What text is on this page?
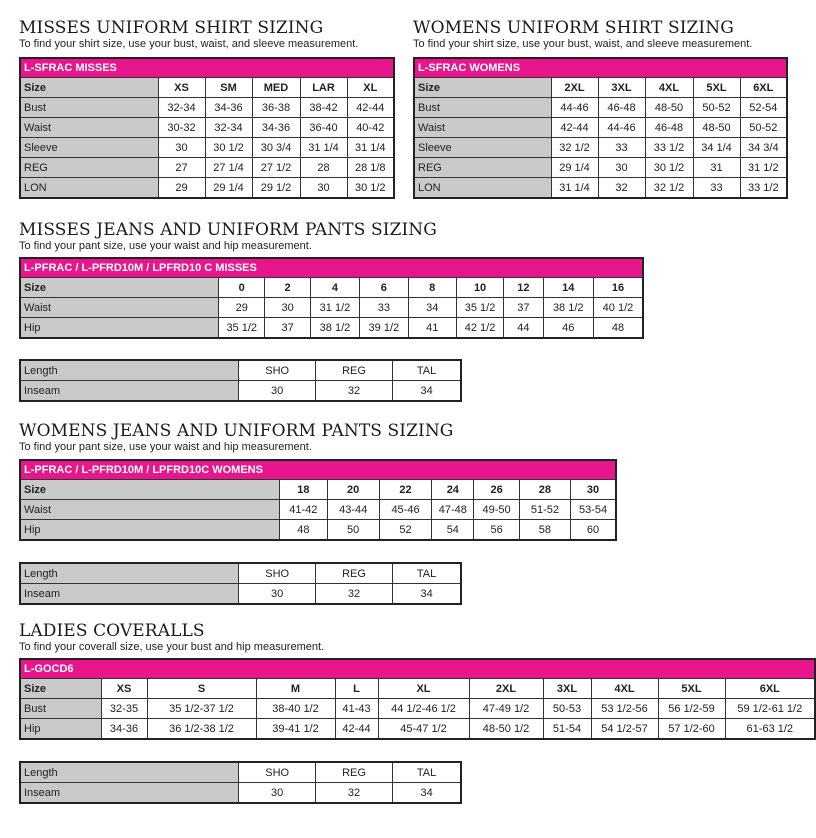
MISSES UNIFORM SHIRT SIZING
To find your shirt size, use your bust, waist, and sleeve measurement.
L-SFRAC MISSES					
Size	XS	SM	MED	LAR	XL
Bust	32-34	34-36	36-38	38-42	42-44
Waist	30-32	32-34	34-36	36-40	40-42
Sleeve	30	30 1/2	30 3/4	31 1/4	31 1/4
REG	27	27 1/4	27 1/2	28	28 1/8
LON	29	29 1/4	29 1/2	30	30 1/2
WOMENS UNIFORM SHIRT SIZING
To find your shirt size, use your bust, waist, and sleeve measurement.
L-SFRAC WOMENS					
Size	2XL	3XL	4XL	5XL	6XL
Bust	44-46	46-48	48-50	50-52	52-54
Waist	42-44	44-46	46-48	48-50	50-52
Sleeve	32 1/2	33	33 1/2	34 1/4	34 3/4
REG	29 1/4	30	30 1/2	31	31 1/2
LON	31 1/4	32	32 1/2	33	33 1/2
MISSES JEANS AND UNIFORM PANTS SIZING
To find your pant size, use your waist and hip measurement.
L-PFRAC / L-PFRD10M / LPFRD10 C MISSES									
Size	0	2	4	6	8	10	12	14	16
Waist	29	30	31 1/2	33	34	35 1/2	37	38 1/2	40 1/2
Hip	35 1/2	37	38 1/2	39 1/2	41	42 1/2	44	46	48
Length	SHO	REG	TAL
Inseam	30	32	34
WOMENS JEANS AND UNIFORM PANTS SIZING
To find your pant size, use your waist and hip measurement.
L-PFRAC / L-PFRD10M / LPFRD10C WOMENS							
Size	18	20	22	24	26	28	30
Waist	41-42	43-44	45-46	47-48	49-50	51-52	53-54
Hip	48	50	52	54	56	58	60
Length	SHO	REG	TAL
Inseam	30	32	34
LADIES COVERALLS
To find your coverall size, use your bust and hip measurement.
L-GOCD6										
Size	XS	S	M	L	XL	2XL	3XL	4XL	5XL	6XL
Bust	32-35	35 1/2-37 1/2	38-40 1/2	41-43	44 1/2-46 1/2	47-49 1/2	50-53	53 1/2-56	56 1/2-59	59 1/2-61 1/2
Hip	34-36	36 1/2-38 1/2	39-41 1/2	42-44	45-47 1/2	48-50 1/2	51-54	54 1/2-57	57 1/2-60	61-63 1/2
Length	SHO	REG	TAL
Inseam	30	32	34
